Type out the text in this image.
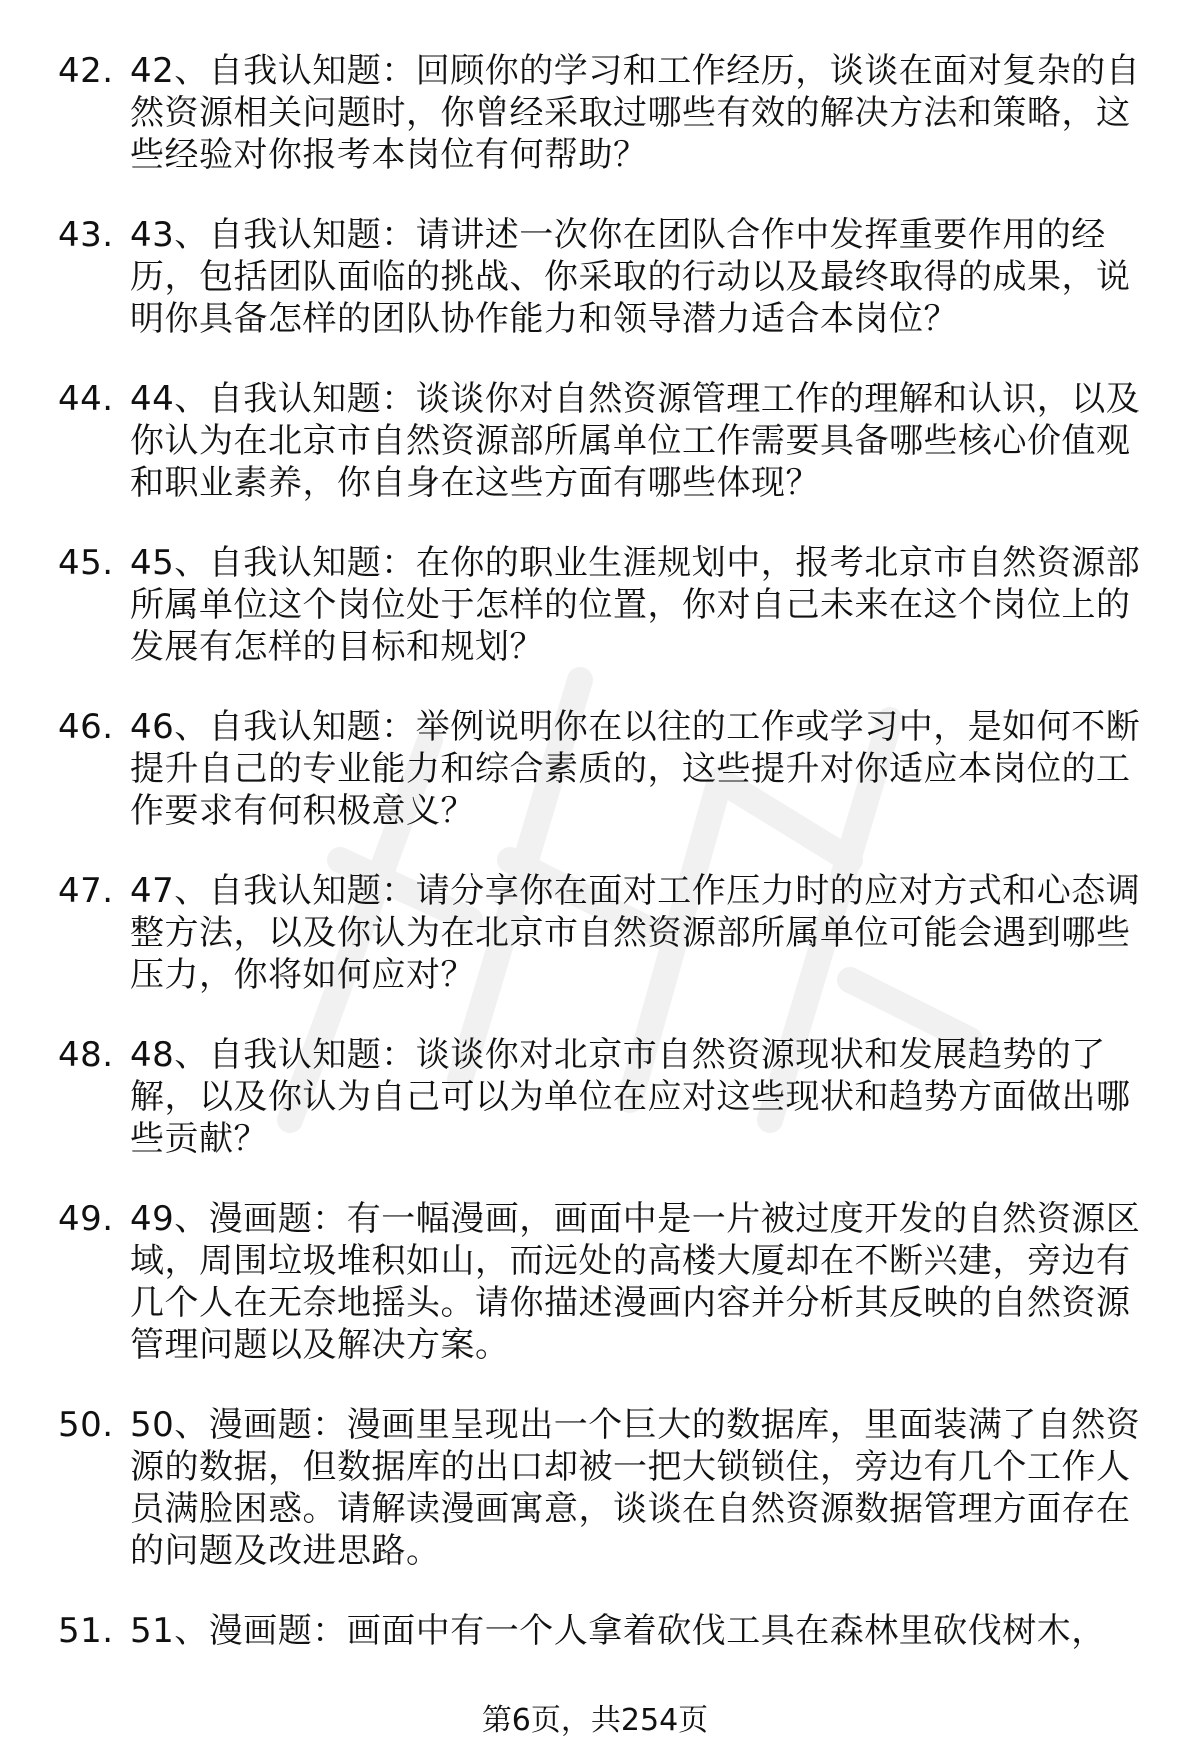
42. 42、自我认知题：回顾你的学习和工作经历，谈谈在面对复杂的自然资源相关问题时，你曾经采取过哪些有效的解决方法和策略，这些经验对你报考本岗位有何帮助？
43. 43、自我认知题：请讲述一次你在团队合作中发挥重要作用的经历，包括团队面临的挑战、你采取的行动以及最终取得的成果，说明你具备怎样的团队协作能力和领导潜力适合本岗位？
44. 44、自我认知题：谈谈你对自然资源管理工作的理解和认识，以及你认为在北京市自然资源部所属单位工作需要具备哪些核心价值观和职业素养，你自身在这些方面有哪些体现？
45. 45、自我认知题：在你的职业生涯规划中，报考北京市自然资源部所属单位这个岗位处于怎样的位置，你对自己未来在这个岗位上的发展有怎样的目标和规划？
46. 46、自我认知题：举例说明你在以往的工作或学习中，是如何不断提升自己的专业能力和综合素质的，这些提升对你适应本岗位的工作要求有何积极意义？
47. 47、自我认知题：请分享你在面对工作压力时的应对方式和心态调整方法，以及你认为在北京市自然资源部所属单位可能会遇到哪些压力，你将如何应对？
48. 48、自我认知题：谈谈你对北京市自然资源现状和发展趋势的了解，以及你认为自己可以为单位在应对这些现状和趋势方面做出哪些贡献？
49. 49、漫画题：有一幅漫画，画面中是一片被过度开发的自然资源区域，周围垃圾堆积如山，而远处的高楼大厦却在不断兴建，旁边有几个人在无奈地摇头。请你描述漫画内容并分析其反映的自然资源管理问题以及解决方案。
50. 50、漫画题：漫画里呈现出一个巨大的数据库，里面装满了自然资源的数据，但数据库的出口却被一把大锁锁住，旁边有几个工作人员满脸困惑。请解读漫画寓意，谈谈在自然资源数据管理方面存在的问题及改进思路。
51. 51、漫画题：画面中有一个人拿着砍伐工具在森林里砍伐树木，
第6页，共254页
